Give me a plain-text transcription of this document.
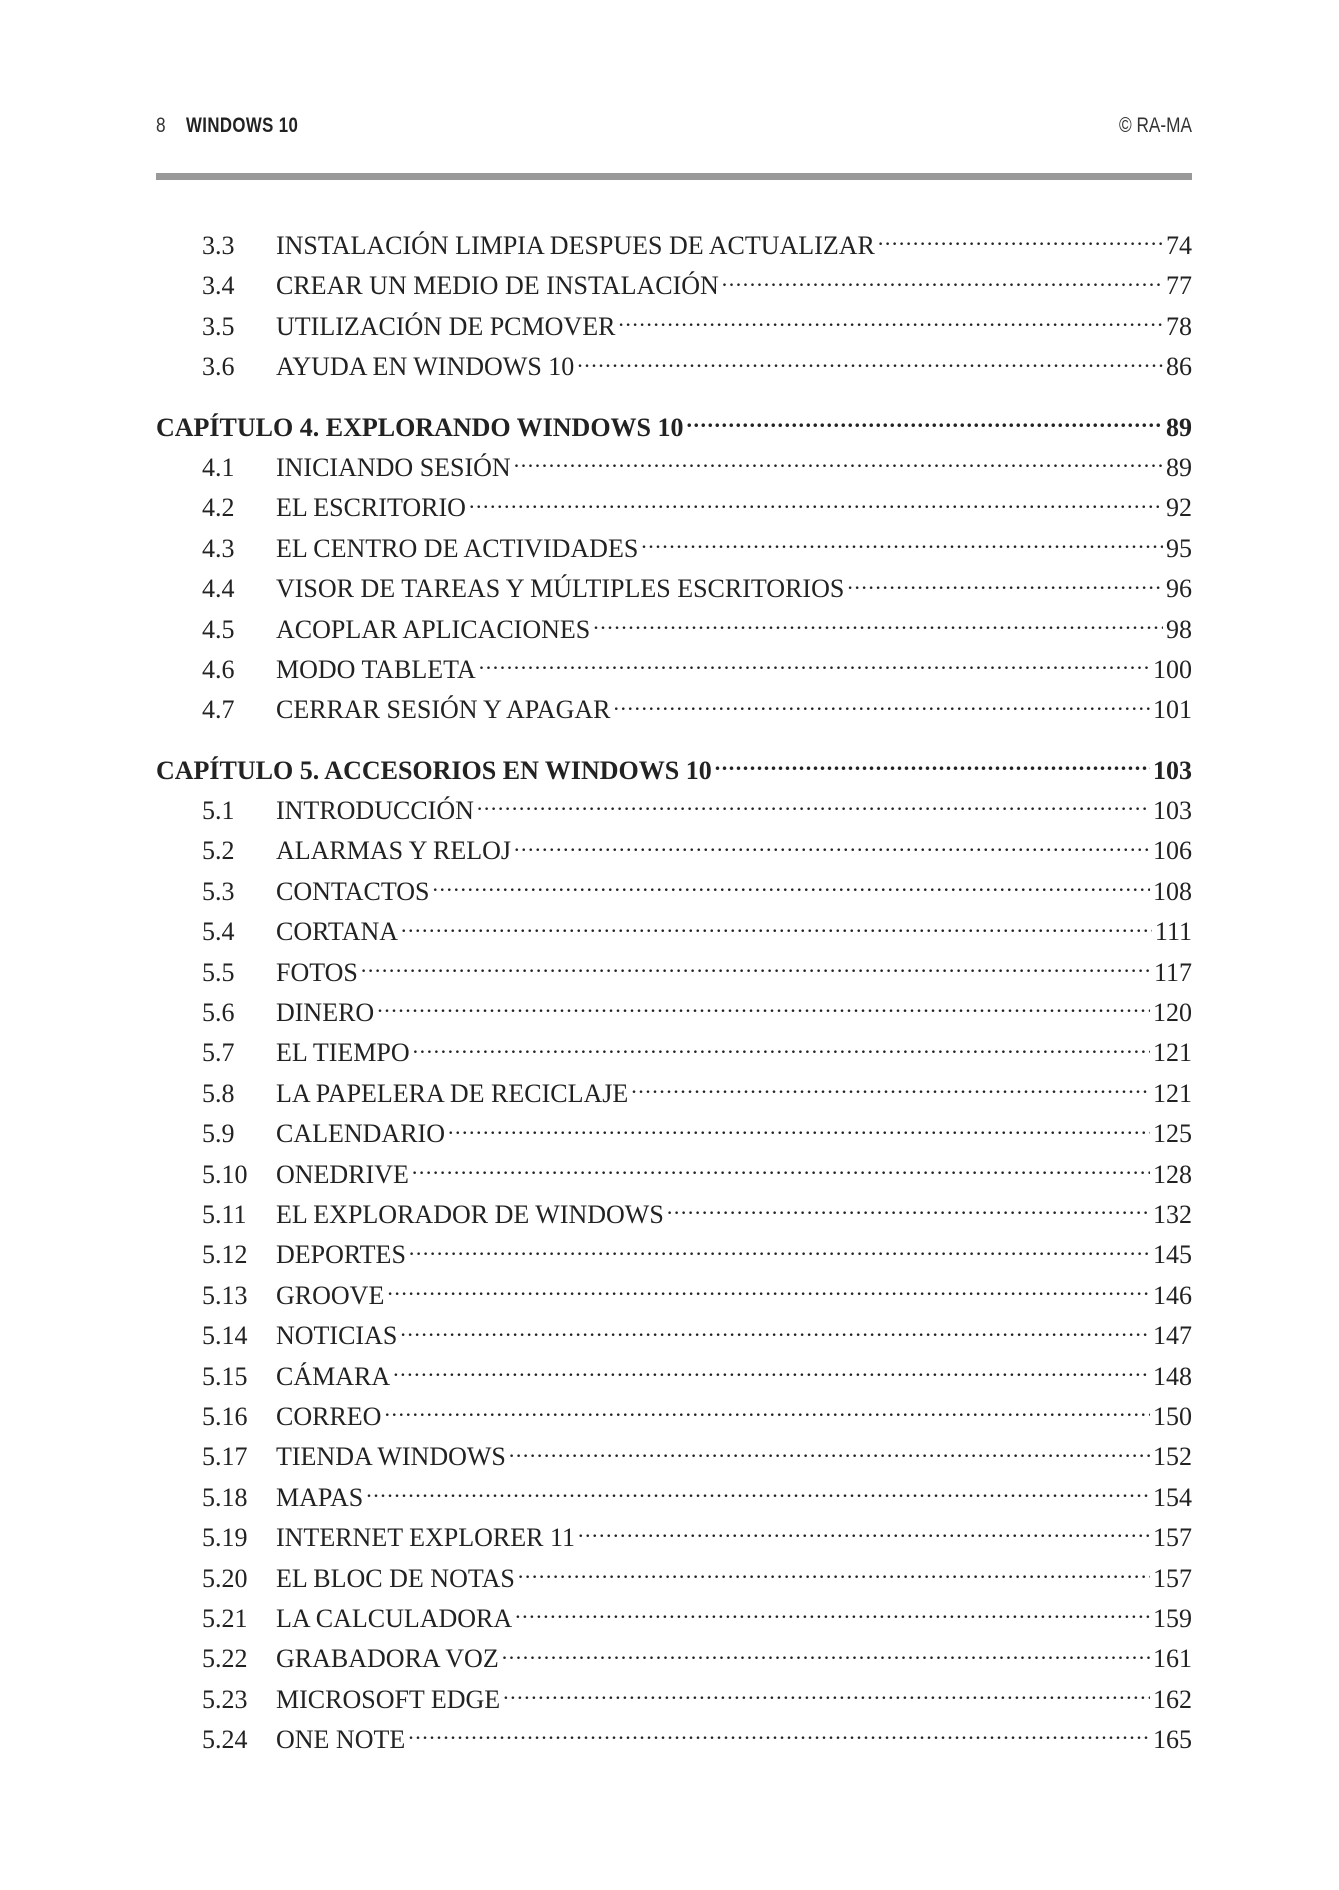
8 WINDOWS 10	© RA-MA
3.3	INSTALACIÓN LIMPIA DESPUES DE ACTUALIZAR .....	74
3.4	CREAR UN MEDIO DE INSTALACIÓN .....	77
3.5	UTILIZACIÓN DE PCMOVER .....	78
3.6	AYUDA EN WINDOWS 10 .....	86
CAPÍTULO 4. EXPLORANDO WINDOWS 10 .....	89
4.1	INICIANDO SESIÓN .....	89
4.2	EL ESCRITORIO .....	92
4.3	EL CENTRO DE ACTIVIDADES .....	95
4.4	VISOR DE TAREAS Y MÚLTIPLES ESCRITORIOS .....	96
4.5	ACOPLAR APLICACIONES .....	98
4.6	MODO TABLETA .....	100
4.7	CERRAR SESIÓN Y APAGAR .....	101
CAPÍTULO 5. ACCESORIOS EN WINDOWS 10 .....	103
5.1	INTRODUCCIÓN .....	103
5.2	ALARMAS Y RELOJ .....	106
5.3	CONTACTOS .....	108
5.4	CORTANA .....	111
5.5	FOTOS .....	117
5.6	DINERO .....	120
5.7	EL TIEMPO .....	121
5.8	LA PAPELERA DE RECICLAJE .....	121
5.9	CALENDARIO .....	125
5.10	ONEDRIVE .....	128
5.11	EL EXPLORADOR DE WINDOWS .....	132
5.12	DEPORTES .....	145
5.13	GROOVE .....	146
5.14	NOTICIAS .....	147
5.15	CÁMARA .....	148
5.16	CORREO .....	150
5.17	TIENDA WINDOWS .....	152
5.18	MAPAS .....	154
5.19	INTERNET EXPLORER 11 .....	157
5.20	EL BLOC DE NOTAS .....	157
5.21	LA CALCULADORA .....	159
5.22	GRABADORA VOZ .....	161
5.23	MICROSOFT EDGE .....	162
5.24	ONE NOTE .....	165
